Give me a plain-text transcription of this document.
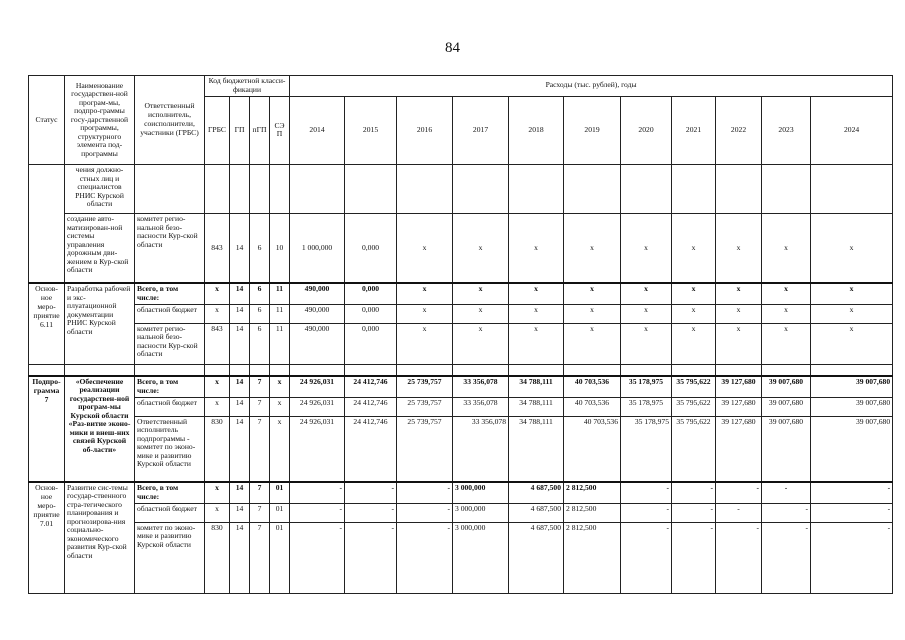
84
Статус	Наименование государствен-ной програм-мы, подпро-граммы госу-дарственной программы, структурного элемента под-программы	Ответственный исполнитель, соисполнители, участники (ГРБС)	Код бюджетной класси-фикации				Расходы (тыс. рублей), годы										
			ГРБС	ГП	пГП	СЭП	2014	2015	2016	2017	2018	2019	2020	2021	2022	2023	2024
	чения должно-стных лиц и специалистов РНИС Курской области																
	создание авто-матизирован-ной системы управления дорожным дви-жением в Кур-ской области	комитет регио-нальной безо-пасности Кур-ской области	843	14	6	10	1 000,000	0,000	x	x	x	x	x	x	x	x	x
Основ-ное меро-приятие 6.11	Разработка рабочей и экс-плуатационной документации РНИС Курской области	Всего, в том числе:	x	14	6	11	490,000	0,000	x	x	x	x	x	x	x	x	x
		областной бюджет	x	14	6	11	490,000	0,000	x	x	x	x	x	x	x	x	x
		комитет регио-нальной безо-пасности Кур-ской области	843	14	6	11	490,000	0,000	x	x	x	x	x	x	x	x	x

Подпро-грамма 7	«Обеспечение реализации государствен-ной програм-мы Курской области «Раз-витие эконо-мики и внеш-них связей Курской об-ласти»	Всего, в том числе:	x	14	7	x	24 926,031	24 412,746	25 739,757	33 356,078	34 788,111	40 703,536	35 178,975	35 795,622	39 127,680	39 007,680	39 007,680
		областной бюджет	x	14	7	x	24 926,031	24 412,746	25 739,757	33 356,078	34 788,111	40 703,536	35 178,975	35 795,622	39 127,680	39 007,680	39 007,680
		Ответственный исполнитель подпрограммы - комитет по эконо-мике и развитию Курской области	830	14	7	x	24 926,031	24 412,746	25 739,757	33 356,078	34 788,111	40 703,536	35 178,975	35 795,622	39 127,680	39 007,680	39 007,680
Основ-ное меро-приятие 7.01	Развитие сис-темы государ-ственного стра-тегического планирования и прогнозирова-ния социально-экономического развития Кур-ской области	Всего, в том числе:	x	14	7	01	-	-	-	3 000,000	4 687,500	2 812,500	-	-	-	-	-
		областной бюджет	x	14	7	01	-	-	-	3 000,000	4 687,500	2 812,500	-	-	-	-	-
		комитет по эконо-мике и развитию Курской области	830	14	7	01	-	-	-	3 000,000	4 687,500	2 812,500	-	-	-	-	-
